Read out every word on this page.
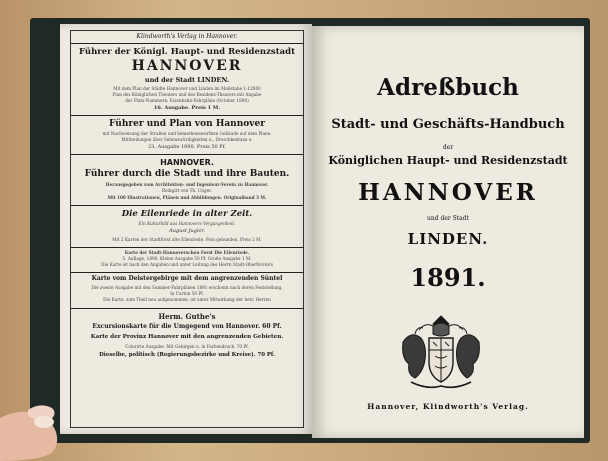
Klindworth's Verlag in Hannover.
Führer der Königl. Haupt- und Residenzstadt
HANNOVER
und der Stadt LINDEN.
Mit dem Plan der Städte Hannover und Linden im Maßstabe 1:12000
Plan des Königlichen Theaters und des Residenz-Theaters mit Angabe
der Platz-Nummern. Eisenbahn-Fahrpläne (October 1890)
16. Ausgabe. Preis 1 M.
Führer und Plan von Hannover
mit Nachweisung der Straßen und bemerkenswerthen Gebäude auf dem Plane.
Mittheilungen über Sehenswürdigkeiten u., Droschkentaxe u.
23. Ausgabe 1890. Preis 50 Pf.
HANNOVER.
Führer durch die Stadt und ihre Bauten.
Herausgegeben vom Architekten- und Ingenieur-Verein zu Hannover.
Redigirt von Th. Unger.
Mit 100 Illustrationen, Plänen und Abbildungen. Originalband 3 M.
Die Eilenriede in alter Zeit.
Ein Kulturbild aus Hannovers Vergangenheit.
August Jugler.
Mit 2 Karten der Stadtforst alte Eilenriede. Fein gebunden. Preis 2 M.
Karte der Stadt-Hannoverschen Forst Die Eilenriede.
5. Auflage, 1890. Kleine Ausgabe 50 Pf. Große Ausgabe 1 M.
Die Karte ist nach den Angaben und unter Leitung des Herrn Stadt-Oberförsters
Karte vom Deistergebirge mit dem angrenzenden Süntel
Die zweite Ausgabe mit den Sommer-Fahrplänen 1891 erscheint nach deren Feststellung.
In Carton 50 Pf.
Die Karte, zum Theil neu aufgenommen, ist unter Mitwirkung der betr. Herren
Herm. Guthe's
Excursionskarte für die Umgegend von Hannover. 60 Pf.
Karte der Provinz Hannover mit den angrenzenden Gebieten.
Colorirte Ausgabe. Mit Gebirgen u. in Farbendruck. 70 Pf.
Dieselbe, politisch (Regierungsbezirke und Kreise). 70 Pf.
Adreßbuch
Stadt- und Geschäfts-Handbuch
der
Königlichen Haupt- und Residenzstadt
HANNOVER
und der Stadt
LINDEN.
1891.
Hannover, Klindworth's Verlag.
